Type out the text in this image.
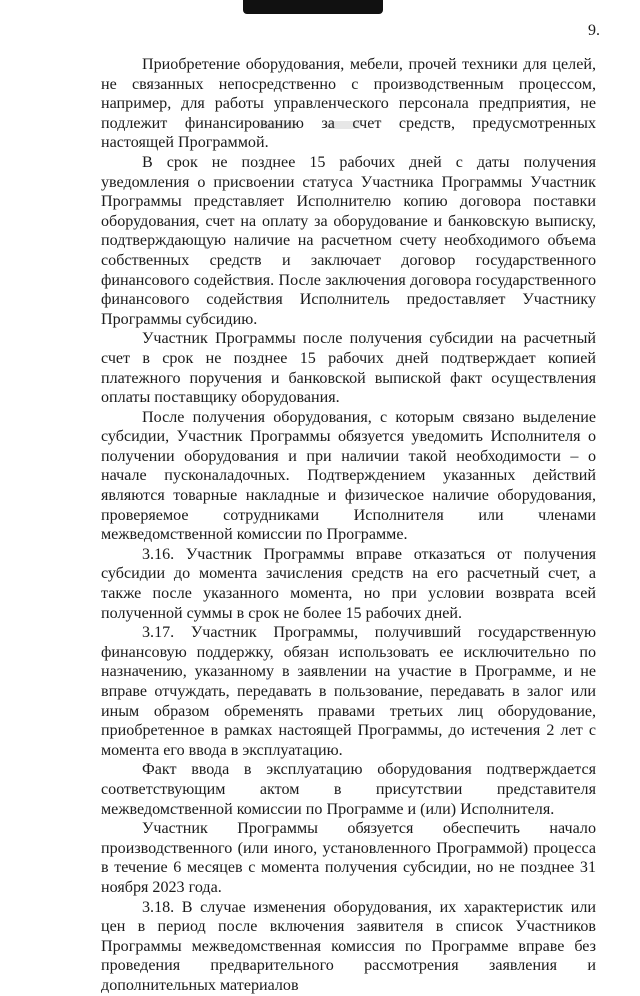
9.

Приобретение оборудования, мебели, прочей техники для целей, не связанных непосредственно с производственным процессом, например, для работы управленческого персонала предприятия, не подлежит финансированию за счет средств, предусмотренных настоящей Программой.

В срок не позднее 15 рабочих дней с даты получения уведомления о присвоении статуса Участника Программы Участник Программы представляет Исполнителю копию договора поставки оборудования, счет на оплату за оборудование и банковскую выписку, подтверждающую наличие на расчетном счету необходимого объема собственных средств и заключает договор государственного финансового содействия. После заключения договора государственного финансового содействия Исполнитель предоставляет Участнику Программы субсидию.

Участник Программы после получения субсидии на расчетный счет в срок не позднее 15 рабочих дней подтверждает копией платежного поручения и банковской выпиской факт осуществления оплаты поставщику оборудования.

После получения оборудования, с которым связано выделение субсидии, Участник Программы обязуется уведомить Исполнителя о получении оборудования и при наличии такой необходимости – о начале пусконаладочных. Подтверждением указанных действий являются товарные накладные и физическое наличие оборудования, проверяемое сотрудниками Исполнителя или членами межведомственной комиссии по Программе.

3.16. Участник Программы вправе отказаться от получения субсидии до момента зачисления средств на его расчетный счет, а также после указанного момента, но при условии возврата всей полученной суммы в срок не более 15 рабочих дней.

3.17. Участник Программы, получивший государственную финансовую поддержку, обязан использовать ее исключительно по назначению, указанному в заявлении на участие в Программе, и не вправе отчуждать, передавать в пользование, передавать в залог или иным образом обременять правами третьих лиц оборудование, приобретенное в рамках настоящей Программы, до истечения 2 лет с момента его ввода в эксплуатацию.

Факт ввода в эксплуатацию оборудования подтверждается соответствующим актом в присутствии представителя межведомственной комиссии по Программе и (или) Исполнителя.

Участник Программы обязуется обеспечить начало производственного (или иного, установленного Программой) процесса в течение 6 месяцев с момента получения субсидии, но не позднее 31 ноября 2023 года.

3.18. В случае изменения оборудования, их характеристик или цен в период после включения заявителя в список Участников Программы межведомственная комиссия по Программе вправе без проведения предварительного рассмотрения заявления и дополнительных материалов
